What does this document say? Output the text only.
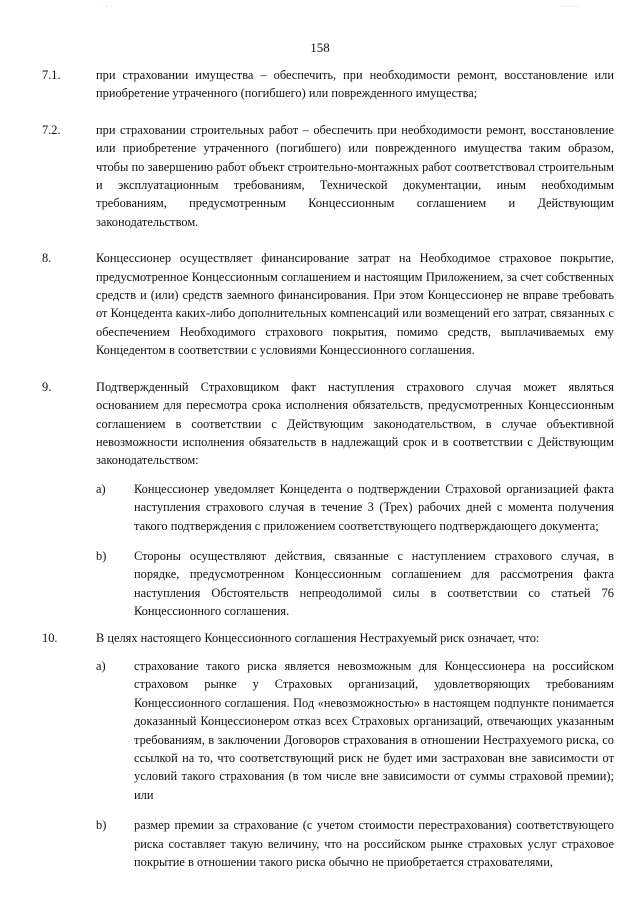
· · ·	·······
158
7.1.	при страховании имущества – обеспечить, при необходимости ремонт, восстановление или приобретение утраченного (погибшего) или поврежденного имущества;
7.2.	при страховании строительных работ – обеспечить при необходимости ремонт, восстановление или приобретение утраченного (погибшего) или поврежденного имущества таким образом, чтобы по завершению работ объект строительно-монтажных работ соответствовал строительным и эксплуатационным требованиям, Технической документации, иным необходимым требованиям, предусмотренным Концессионным соглашением и Действующим законодательством.
8.	Концессионер осуществляет финансирование затрат на Необходимое страховое покрытие, предусмотренное Концессионным соглашением и настоящим Приложением, за счет собственных средств и (или) средств заемного финансирования. При этом Концессионер не вправе требовать от Концедента каких-либо дополнительных компенсаций или возмещений его затрат, связанных с обеспечением Необходимого страхового покрытия, помимо средств, выплачиваемых ему Концедентом в соответствии с условиями Концессионного соглашения.
9.	Подтвержденный Страховщиком факт наступления страхового случая может являться основанием для пересмотра срока исполнения обязательств, предусмотренных Концессионным соглашением в соответствии с Действующим законодательством, в случае объективной невозможности исполнения обязательств в надлежащий срок и в соответствии с Действующим законодательством:
a)	Концессионер уведомляет Концедента о подтверждении Страховой организацией факта наступления страхового случая в течение 3 (Трех) рабочих дней с момента получения такого подтверждения с приложением соответствующего подтверждающего документа;
b)	Стороны осуществляют действия, связанные с наступлением страхового случая, в порядке, предусмотренном Концессионным соглашением для рассмотрения факта наступления Обстоятельств непреодолимой силы в соответствии со статьей 76 Концессионного соглашения.
10.	В целях настоящего Концессионного соглашения Нестрахуемый риск означает, что:
a)	страхование такого риска является невозможным для Концессионера на российском страховом рынке у Страховых организаций, удовлетворяющих требованиям Концессионного соглашения. Под «невозможностью» в настоящем подпункте понимается доказанный Концессионером отказ всех Страховых организаций, отвечающих указанным требованиям, в заключении Договоров страхования в отношении Нестрахуемого риска, со ссылкой на то, что соответствующий риск не будет ими застрахован вне зависимости от условий такого страхования (в том числе вне зависимости от суммы страховой премии); или
b)	размер премии за страхование (с учетом стоимости перестрахования) соответствующего риска составляет такую величину, что на российском рынке страховых услуг страховое покрытие в отношении такого риска обычно не приобретается страхователями,
